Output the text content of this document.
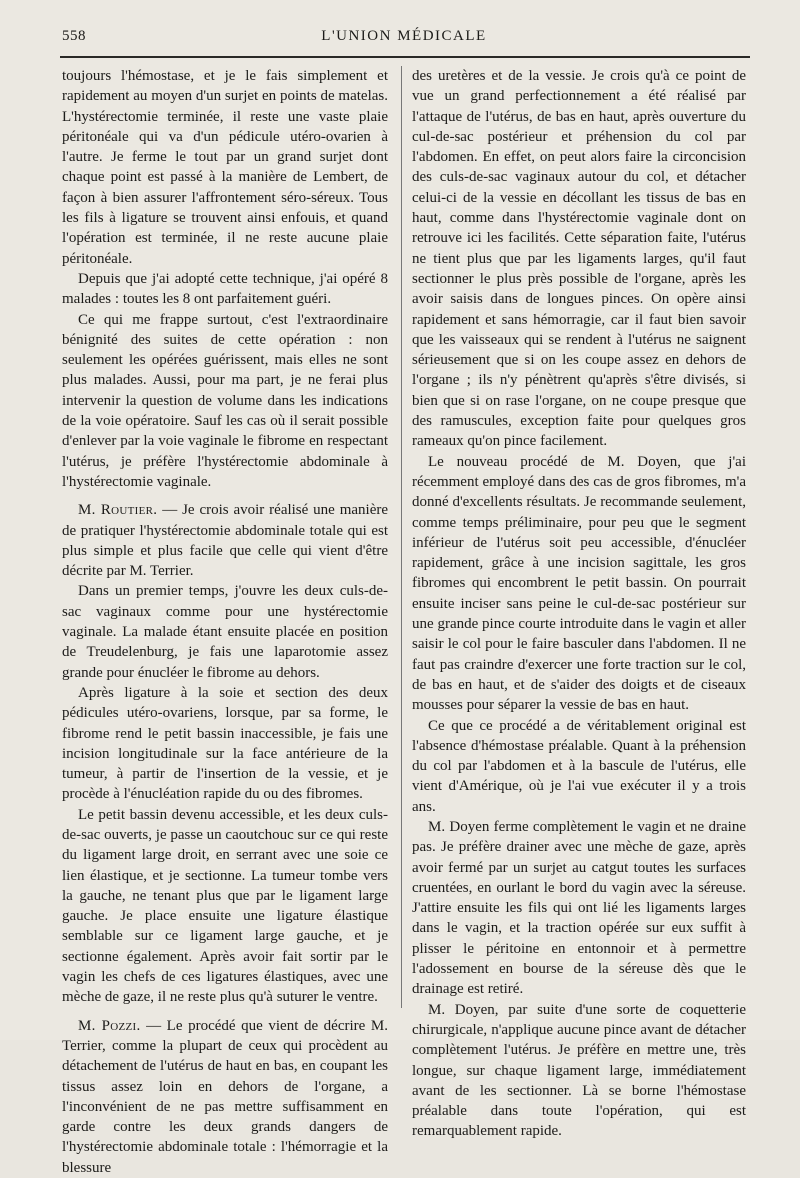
558	L'UNION MÉDICALE

toujours l'hémostase, et je le fais simplement et rapidement au moyen d'un surjet en points de matelas. L'hystérectomie terminée, il reste une vaste plaie péritonéale qui va d'un pédicule utéro-ovarien à l'autre. Je ferme le tout par un grand surjet dont chaque point est passé à la manière de Lembert, de façon à bien assurer l'affrontement séro-séreux. Tous les fils à ligature se trouvent ainsi enfouis, et quand l'opération est terminée, il ne reste aucune plaie péritonéale.

Depuis que j'ai adopté cette technique, j'ai opéré 8 malades : toutes les 8 ont parfaitement guéri.

Ce qui me frappe surtout, c'est l'extraordinaire bénignité des suites de cette opération : non seulement les opérées guérissent, mais elles ne sont plus malades. Aussi, pour ma part, je ne ferai plus intervenir la question de volume dans les indications de la voie opératoire. Sauf les cas où il serait possible d'enlever par la voie vaginale le fibrome en respectant l'utérus, je préfère l'hystérectomie abdominale à l'hystérectomie vaginale.

M. Routier. — Je crois avoir réalisé une manière de pratiquer l'hystérectomie abdominale totale qui est plus simple et plus facile que celle qui vient d'être décrite par M. Terrier.

Dans un premier temps, j'ouvre les deux culs-de-sac vaginaux comme pour une hystérectomie vaginale. La malade étant ensuite placée en position de Treudelenburg, je fais une laparotomie assez grande pour énucléer le fibrome au dehors.

Après ligature à la soie et section des deux pédicules utéro-ovariens, lorsque, par sa forme, le fibrome rend le petit bassin inaccessible, je fais une incision longitudinale sur la face antérieure de la tumeur, à partir de l'insertion de la vessie, et je procède à l'énucléation rapide du ou des fibromes.

Le petit bassin devenu accessible, et les deux culs-de-sac ouverts, je passe un caoutchouc sur ce qui reste du ligament large droit, en serrant avec une soie ce lien élastique, et je sectionne. La tumeur tombe vers la gauche, ne tenant plus que par le ligament large gauche. Je place ensuite une ligature élastique semblable sur ce ligament large gauche, et je sectionne également. Après avoir fait sortir par le vagin les chefs de ces ligatures élastiques, avec une mèche de gaze, il ne reste plus qu'à suturer le ventre.

M. Pozzi. — Le procédé que vient de décrire M. Terrier, comme la plupart de ceux qui procèdent au détachement de l'utérus de haut en bas, en coupant les tissus assez loin en dehors de l'organe, a l'inconvénient de ne pas mettre suffisamment en garde contre les deux grands dangers de l'hystérectomie abdominale totale : l'hémorragie et la blessure

des uretères et de la vessie. Je crois qu'à ce point de vue un grand perfectionnement a été réalisé par l'attaque de l'utérus, de bas en haut, après ouverture du cul-de-sac postérieur et préhension du col par l'abdomen. En effet, on peut alors faire la circoncision des culs-de-sac vaginaux autour du col, et détacher celui-ci de la vessie en décollant les tissus de bas en haut, comme dans l'hystérectomie vaginale dont on retrouve ici les facilités. Cette séparation faite, l'utérus ne tient plus que par les ligaments larges, qu'il faut sectionner le plus près possible de l'organe, après les avoir saisis dans de longues pinces. On opère ainsi rapidement et sans hémorragie, car il faut bien savoir que les vaisseaux qui se rendent à l'utérus ne saignent sérieusement que si on les coupe assez en dehors de l'organe ; ils n'y pénètrent qu'après s'être divisés, si bien que si on rase l'organe, on ne coupe presque que des ramuscules, exception faite pour quelques gros rameaux qu'on pince facilement.

Le nouveau procédé de M. Doyen, que j'ai récemment employé dans des cas de gros fibromes, m'a donné d'excellents résultats. Je recommande seulement, comme temps préliminaire, pour peu que le segment inférieur de l'utérus soit peu accessible, d'énucléer rapidement, grâce à une incision sagittale, les gros fibromes qui encombrent le petit bassin. On pourrait ensuite inciser sans peine le cul-de-sac postérieur sur une grande pince courte introduite dans le vagin et aller saisir le col pour le faire basculer dans l'abdomen. Il ne faut pas craindre d'exercer une forte traction sur le col, de bas en haut, et de s'aider des doigts et de ciseaux mousses pour séparer la vessie de bas en haut.

Ce que ce procédé a de véritablement original est l'absence d'hémostase préalable. Quant à la préhension du col par l'abdomen et à la bascule de l'utérus, elle vient d'Amérique, où je l'ai vue exécuter il y a trois ans.

M. Doyen ferme complètement le vagin et ne draine pas. Je préfère drainer avec une mèche de gaze, après avoir fermé par un surjet au catgut toutes les surfaces cruentées, en ourlant le bord du vagin avec la séreuse. J'attire ensuite les fils qui ont lié les ligaments larges dans le vagin, et la traction opérée sur eux suffit à plisser le péritoine en entonnoir et à permettre l'adossement en bourse de la séreuse dès que le drainage est retiré.

M. Doyen, par suite d'une sorte de coquetterie chirurgicale, n'applique aucune pince avant de détacher complètement l'utérus. Je préfère en mettre une, très longue, sur chaque ligament large, immédiatement avant de les sectionner. Là se borne l'hémostase préalable dans toute l'opération, qui est remarquablement rapide.
